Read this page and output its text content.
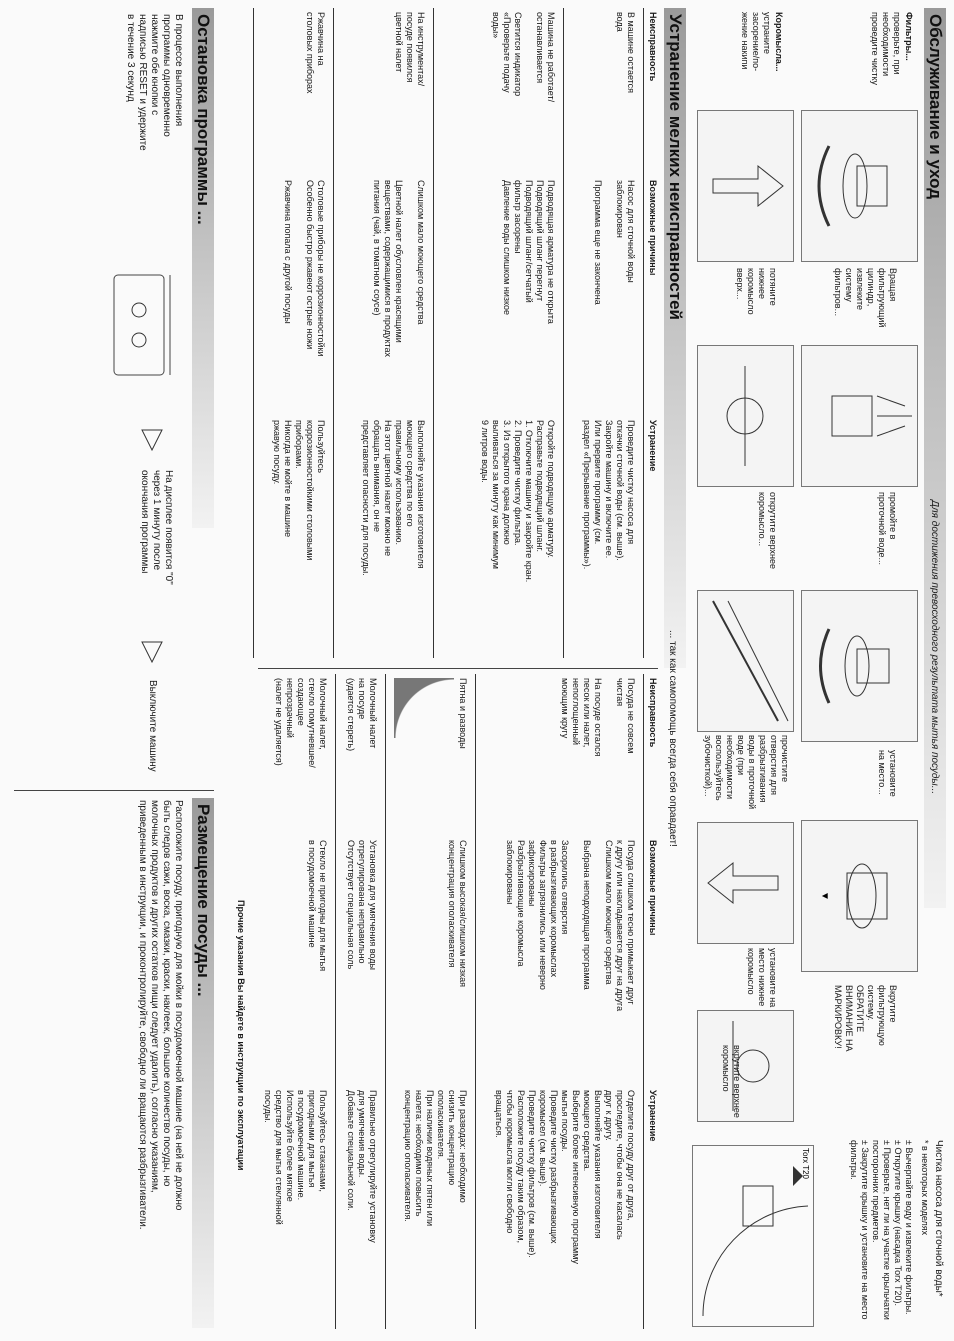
Обслуживание и уход
Для достижения превосходного результата мытья посуды...
Фильтры...
проверьте, при
необходимости
проведите чистку
Коромысла...
устраните
засорение/по-
жение накипи
Вращая
фильтрующий
цилиндр,
извлеките
систему
фильтров...
промойте в
проточной воде...
установите
на место...
▼
Вкрутите
фильтрующую
систему.
ОБРАТИТЕ
ВНИМАНИЕ НА
МАРКИРОВКУ!
потяните
нижнее
коромысло
вверх...
открутите верхнее
коромысло...
прочистите
отверстия для
разбрызгивания
воды в проточной
воде (при
необходимости
воспользуйтесь
зубочисткой)...
установите на
место нижнее
коромысло
вкрутите верхнее
коромысло
Чистка насоса для сточной воды*
* в некоторых моделях
± Вычерпайте воду и извлеките фильтры.
± Открутите крышку (насадка Torx T20).
± Проверьте, нет ли на участке крыльчатки посторонних предметов.
± Закрутите крышку и установите на место фильтры.
Torx T20
Устранение мелких неисправностей
... так как самопомощь всегда себя оправдает!
Неисправность
Возможные причины
Устранение
В машине остается
вода
Насос для сточной воды
заблокирован

Программа еще не закончена
Проведите чистку насоса для
откачки сточной воды (см. выше).
Закройте машину и включите ее.
Или прервите программу (см.
раздел «Прерывание программы»).
Машина не работает/
останавливается

Светится индикатор
«Проверьте подачу
воды»
Подводящая арматура не открыта
Подводящий шланг перегнут
Подводящий шланг/сетчатый
фильтр засорены
Давление воды слишком низкое
Откройте подводящую арматуру.
Расправьте подводящий шланг.
1. Отключите машину и закройте кран.
2. Проведите чистку фильтра.
3. Из открытого крана должно
выливаться за минуту как минимум
9 литров воды.
На инструментах/
посуде появился
цветной налет
Слишком мало моющего средства

Цветной налет обусловлен красящими
веществами, содержащимися в продуктах
питания (чай, в томатном соусе)
Выполняйте указания изготовителя
моющего средства по его
правильному использованию.
На этот цветной налет можно не
обращать внимания, он не
представляет опасности для посуды.
Ржавчина на
столовых приборах
Столовые приборы не коррозионностойки
Особенно быстро ржавеют острые ножи

Ржавчина попала с другой посуды
Пользуйтесь
коррозионностойкими столовыми
приборами.
Никогда не мойте в машине
ржавую посуду.
Неисправность
Возможные причины
Устранение
Посуда не совсем
чистая

На посуде остался
песок или налет,
непоглощенный
моющим кругу
Посуда слишком тесно примыкает друг
к другу или накладывается друг на друга
Слишком мало моющего средства

Выбрана неподходящая программа

Засорились отверстия
в разбрызгивающих коромыслах
Фильтры загрязнились или неверно
зафиксированы
Разбрызгивающие коромысла
заблокированы
Отделите посуду друг от друга,
проследите, чтобы она не касалась
друг к другу.
Выполняйте указания изготовителя
моющего средства.
Выберите более интенсивную программу
мытья посуды.
Проведите чистку разбрызгивающих
коромысел (см. выше).
Проведите чистку фильтров (см. выше).
Расположите посуду таким образом,
чтобы коромысла могли свободно
вращаться.
Пятна и разводы
Слишком высокая/слишком низкая
концентрация ополаскивателя
При разводах: необходимо
снизить концентрацию
ополаскивателя.
При наличии водяных пятен или
налета: необходимо повысить
концентрацию ополаскивателя.
Молочный налет
на посуде
(удается стереть)
Установка для умягчения воды
отрегулирована неправильно
Отсутствует специальная соль
Правильно отрегулируйте установку
для умягчения воды.
Добавьте специальной соли.
Молочный налет,
стекло помутневшее/
создающее
непрозрачный
(налет не удаляется)
Стекло не пригодны для мытья
в посудомоечной машине
Пользуйтесь стаканами,
пригодными для мытья
в посудомоечной машине.
Используйте более мягкое
средство для мытья стеклянной
посуды.
Прочие указания Вы найдете в инструкции по эксплуатации
Остановка программы ...
В процессе выполнения
программы одновременно
нажмите обе кнопки с
надписью RESET и удержите
в течение 3 секунд
На дисплее появится "0"
через 1 минуту после
окончания программы
Выключите машину
Размещение посуды ...
Расположите посуду, пригодную для мойки в посудомоечной машине (на ней не должно
быть следов сажи, воска, смазки, краски, наклеек, большое количество посуды, но
молочных продуктов и других остатков пищи следует удалить), согласно указаниям,
приведенным в инструкции, и проконтролируйте, свободно ли вращаются разбрызгиватели.
